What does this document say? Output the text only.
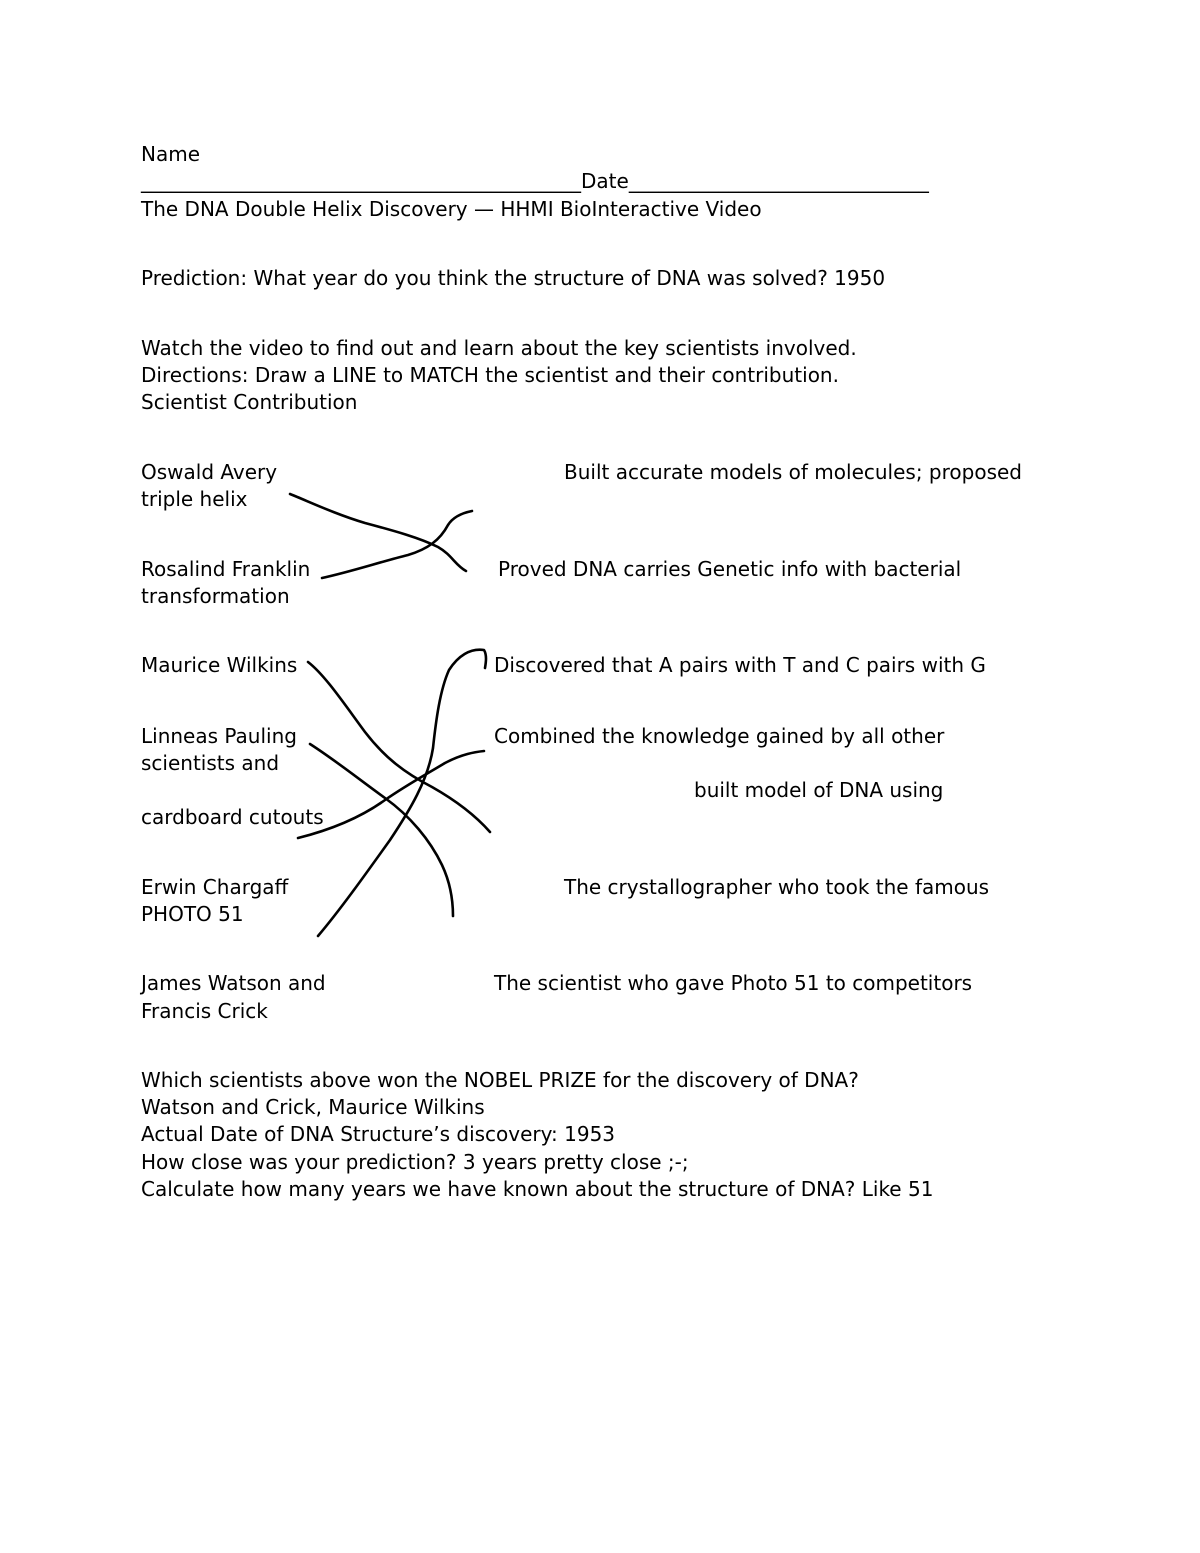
Name
____________________________________________Date______________________________
The DNA Double Helix Discovery — HHMI BioInteractive Video
Prediction: What year do you think the structure of DNA was solved? 1950
Watch the video to find out and learn about the key scientists involved.
Directions: Draw a LINE to MATCH the scientist and their contribution.
Scientist Contribution
Oswald Avery	Built accurate models of molecules; proposed
triple helix
Rosalind Franklin	Proved DNA carries Genetic info with bacterial
transformation
Maurice Wilkins	Discovered that A pairs with T and C pairs with G
Linneas Pauling	Combined the knowledge gained by all other
scientists and
built model of DNA using
cardboard cutouts
Erwin Chargaff	The crystallographer who took the famous
PHOTO 51
James Watson and	The scientist who gave Photo 51 to competitors
Francis Crick
Which scientists above won the NOBEL PRIZE for the discovery of DNA?
Watson and Crick, Maurice Wilkins
Actual Date of DNA Structure’s discovery: 1953
How close was your prediction? 3 years pretty close ;-;
Calculate how many years we have known about the structure of DNA? Like 51
